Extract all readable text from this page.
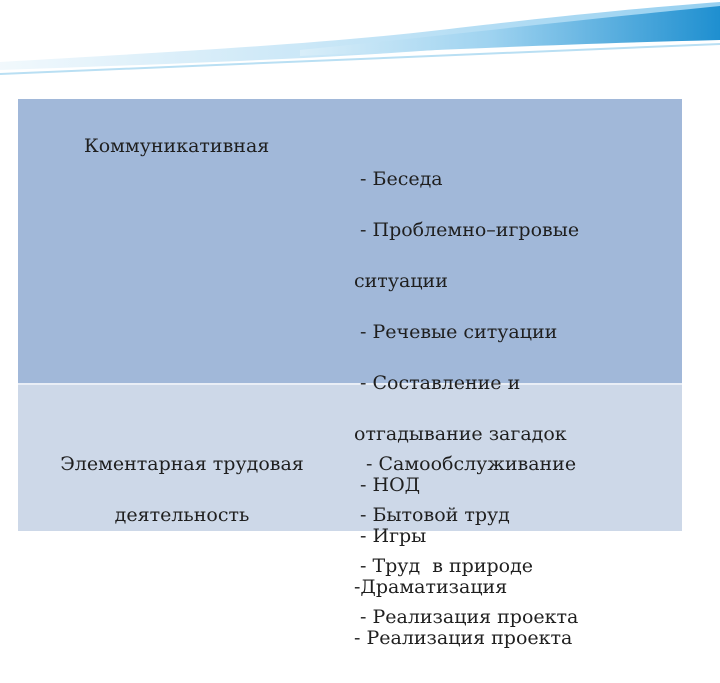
Коммуникативная

- Беседа

- Проблемно–игровые

ситуации

- Речевые ситуации

- Составление и

отгадывание загадок

- НОД

- Игры

-Драматизация

- Реализация проекта

Элементарная трудовая

деятельность

- Самообслуживание

- Бытовой труд

- Труд  в природе

- Реализация проекта
